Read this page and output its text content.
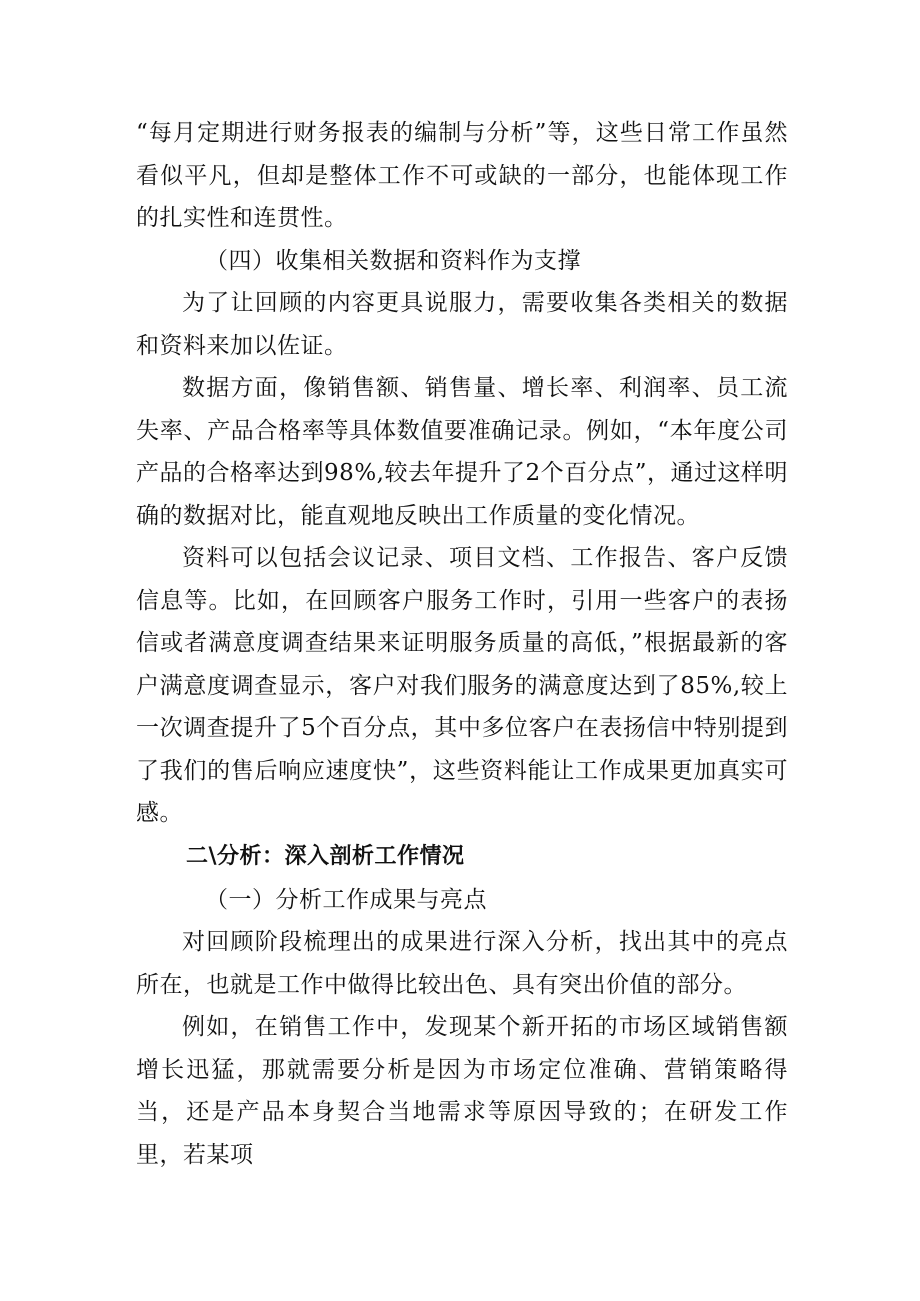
“每月定期进行财务报表的编制与分析”等，这些日常工作虽然看似平凡，但却是整体工作不可或缺的一部分，也能体现工作的扎实性和连贯性。

（四）收集相关数据和资料作为支撑

为了让回顾的内容更具说服力，需要收集各类相关的数据和资料来加以佐证。

数据方面，像销售额、销售量、增长率、利润率、员工流失率、产品合格率等具体数值要准确记录。例如，“本年度公司产品的合格率达到98%,较去年提升了2个百分点”，通过这样明确的数据对比，能直观地反映出工作质量的变化情况。

资料可以包括会议记录、项目文档、工作报告、客户反馈信息等。比如，在回顾客户服务工作时，引用一些客户的表扬信或者满意度调查结果来证明服务质量的高低，”根据最新的客户满意度调查显示，客户对我们服务的满意度达到了85%,较上一次调查提升了5个百分点，其中多位客户在表扬信中特别提到了我们的售后响应速度快”，这些资料能让工作成果更加真实可感。

二\分析：深入剖析工作情况

（一）分析工作成果与亮点

对回顾阶段梳理出的成果进行深入分析，找出其中的亮点所在，也就是工作中做得比较出色、具有突出价值的部分。

例如，在销售工作中，发现某个新开拓的市场区域销售额增长迅猛，那就需要分析是因为市场定位准确、营销策略得当，还是产品本身契合当地需求等原因导致的；在研发工作里，若某项
